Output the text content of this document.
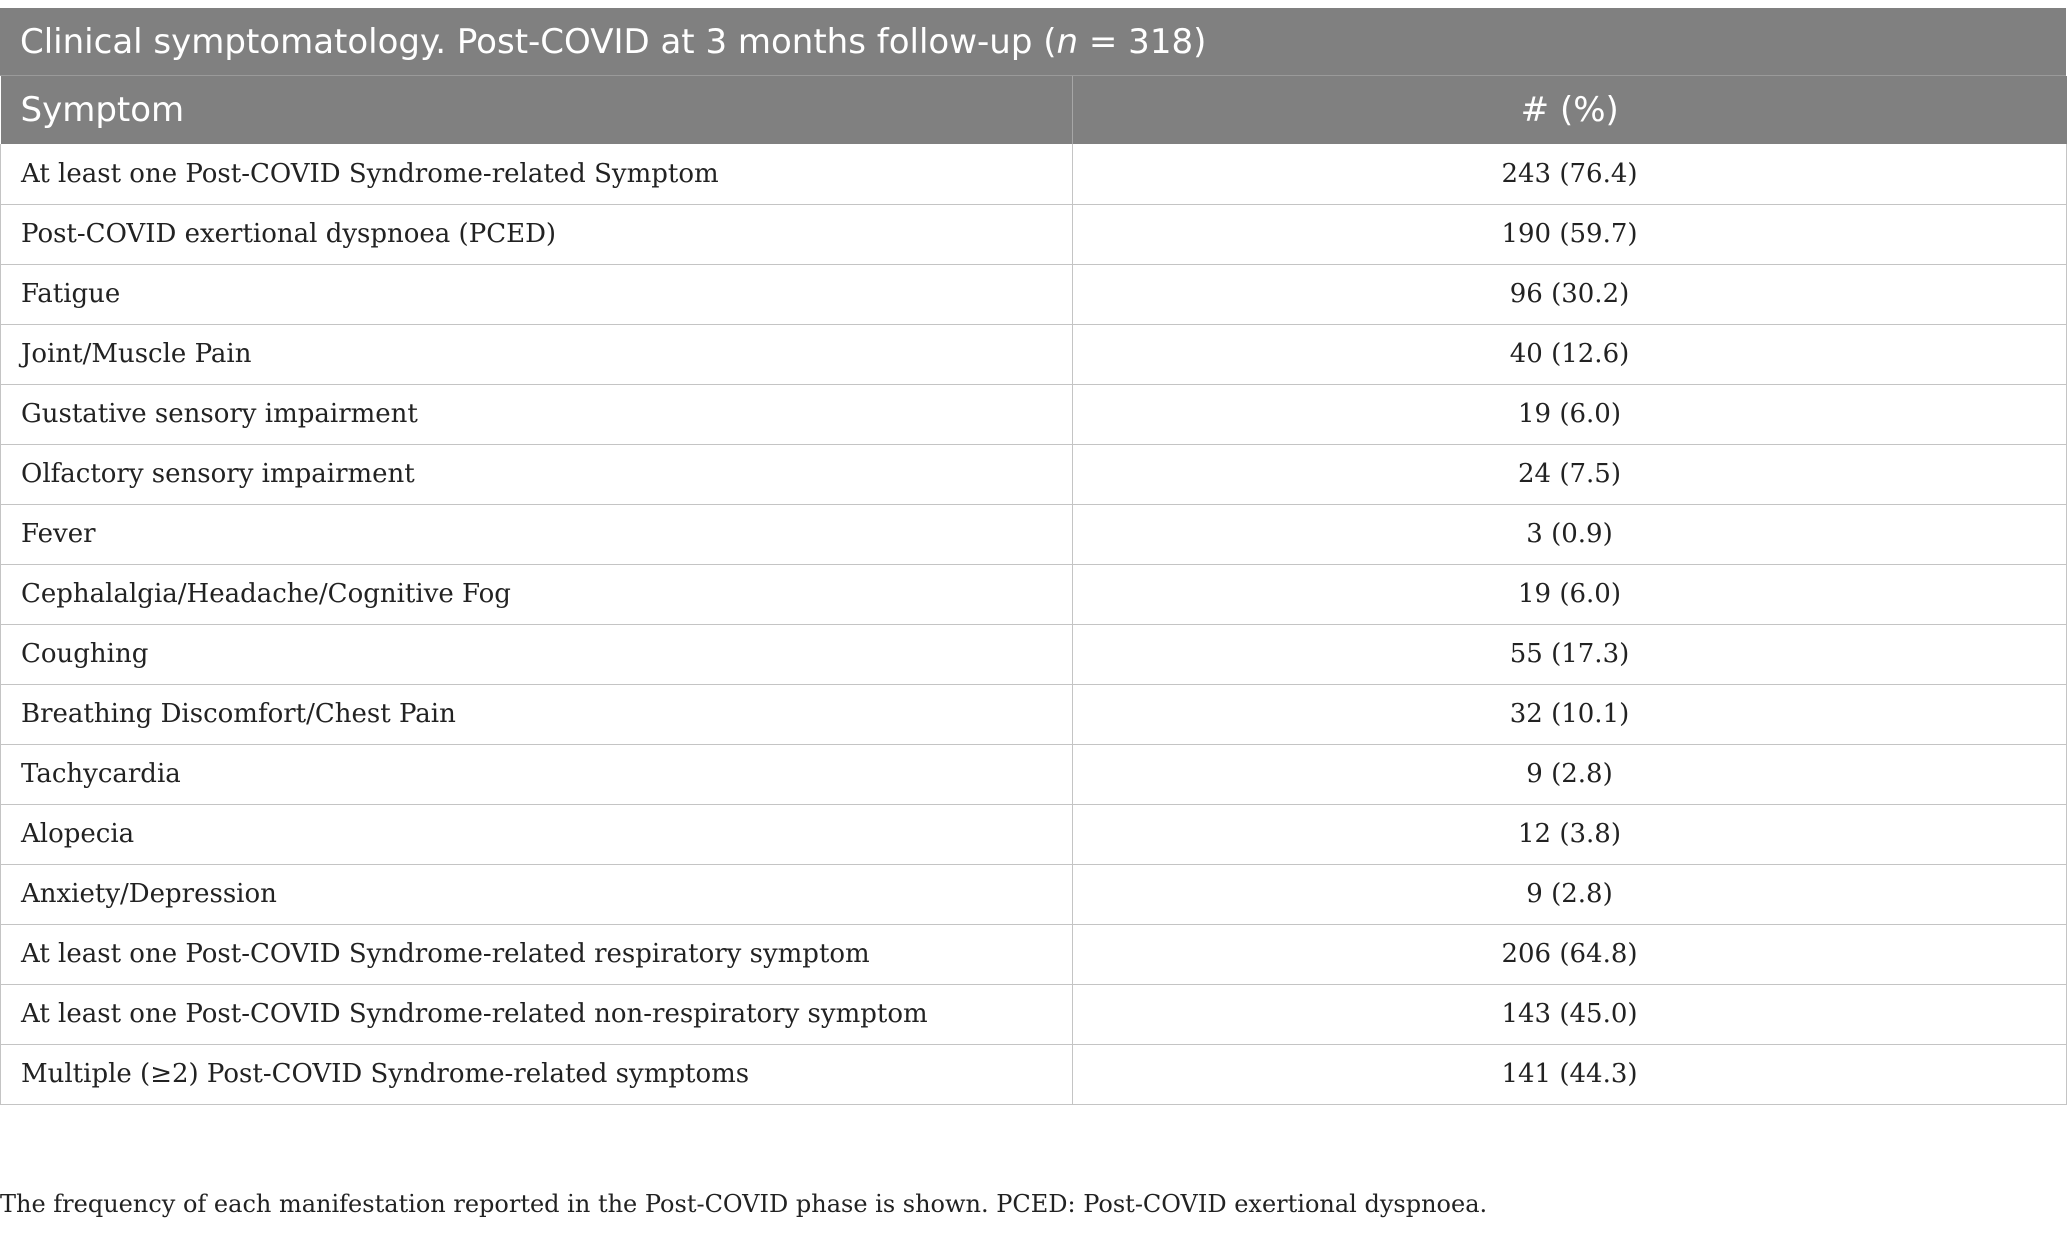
Clinical symptomatology. Post-COVID at 3 months follow-up (n = 318)
Symptom	# (%)
At least one Post-COVID Syndrome-related Symptom	243 (76.4)
Post-COVID exertional dyspnoea (PCED)	190 (59.7)
Fatigue	96 (30.2)
Joint/Muscle Pain	40 (12.6)
Gustative sensory impairment	19 (6.0)
Olfactory sensory impairment	24 (7.5)
Fever	3 (0.9)
Cephalalgia/Headache/Cognitive Fog	19 (6.0)
Coughing	55 (17.3)
Breathing Discomfort/Chest Pain	32 (10.1)
Tachycardia	9 (2.8)
Alopecia	12 (3.8)
Anxiety/Depression	9 (2.8)
At least one Post-COVID Syndrome-related respiratory symptom	206 (64.8)
At least one Post-COVID Syndrome-related non-respiratory symptom	143 (45.0)
Multiple (≥2) Post-COVID Syndrome-related symptoms	141 (44.3)
The frequency of each manifestation reported in the Post-COVID phase is shown. PCED: Post-COVID exertional dyspnoea.
